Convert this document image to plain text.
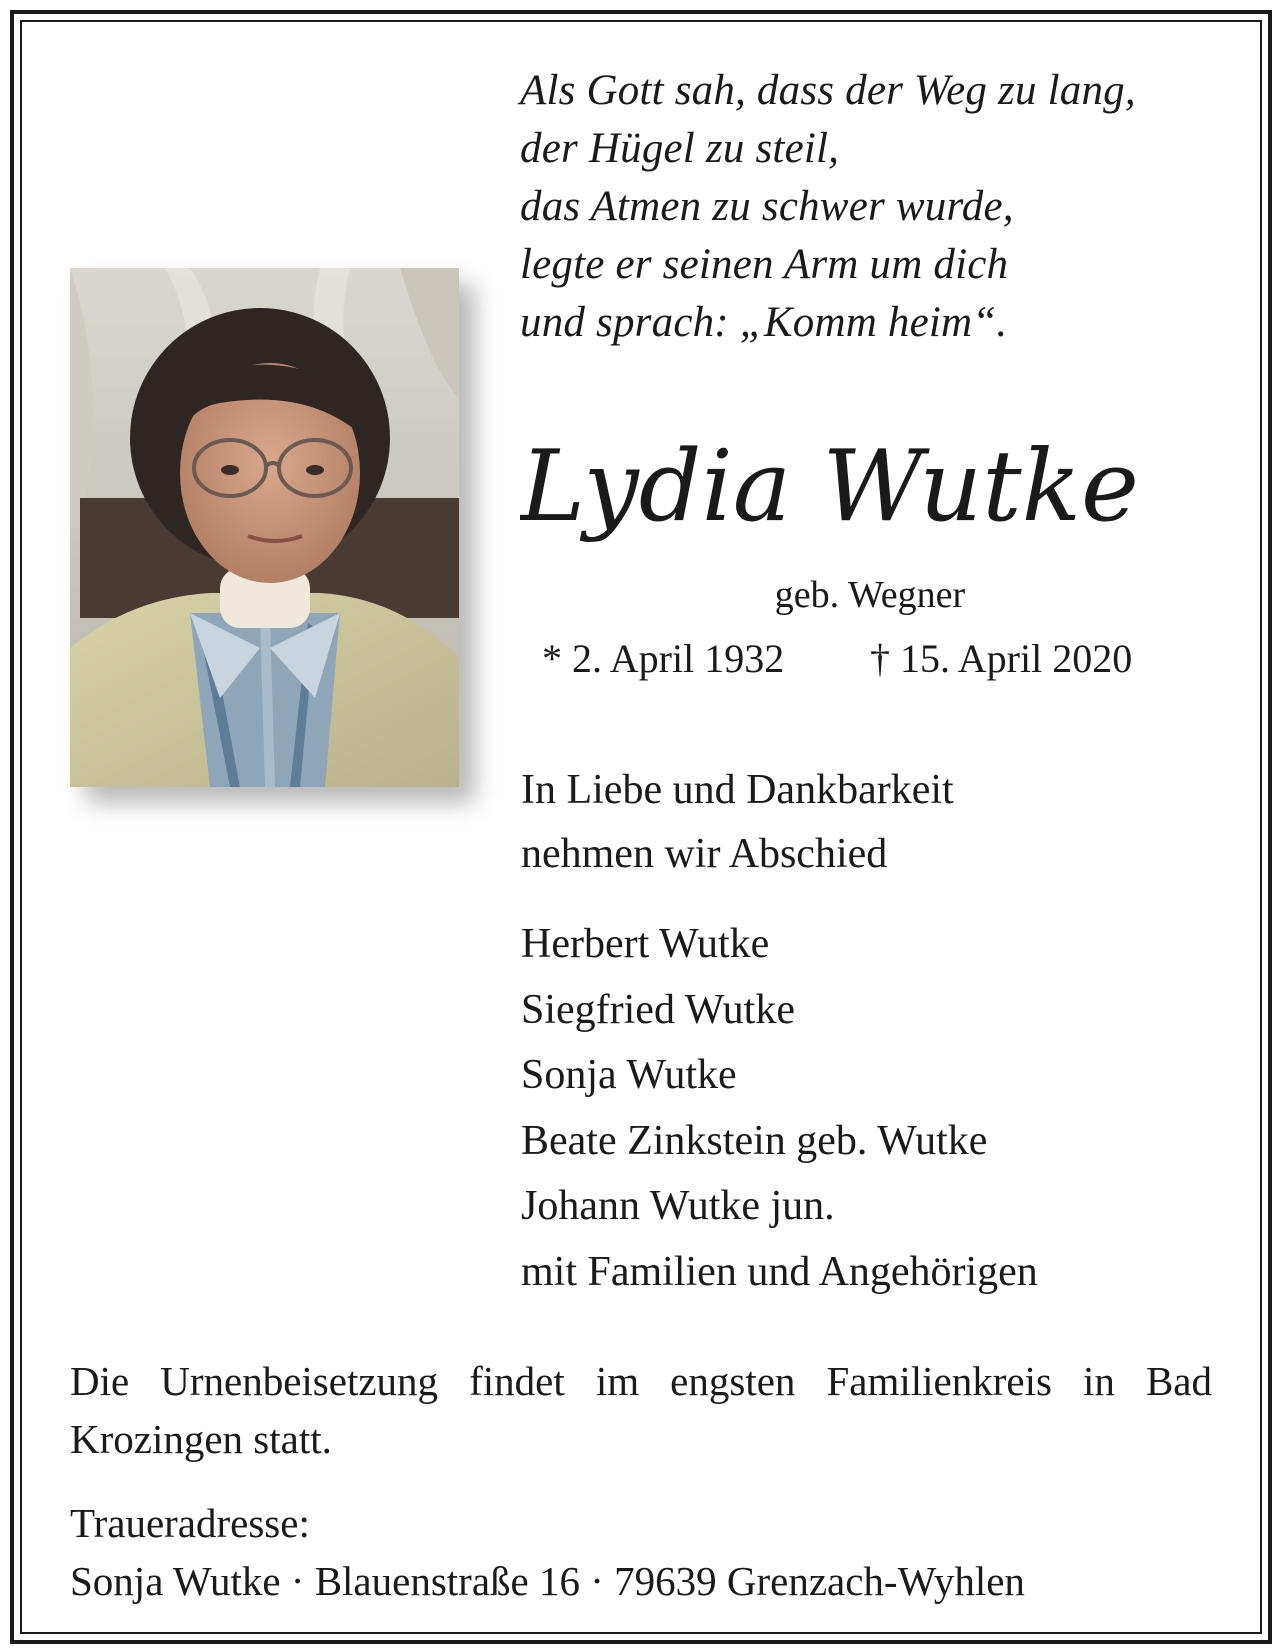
Als Gott sah, dass der Weg zu lang,
der Hügel zu steil,
das Atmen zu schwer wurde,
legte er seinen Arm um dich
und sprach: „Komm heim“.
Lydia Wutke
geb. Wegner
* 2. April 1932 † 15. April 2020
In Liebe und Dankbarkeit
nehmen wir Abschied
Herbert Wutke
Siegfried Wutke
Sonja Wutke
Beate Zinkstein geb. Wutke
Johann Wutke jun.
mit Familien und Angehörigen
Die Urnenbeisetzung findet im engsten Familienkreis in Bad Krozingen statt.
Traueradresse:
Sonja Wutke · Blauenstraße 16 · 79639 Grenzach-Wyhlen
